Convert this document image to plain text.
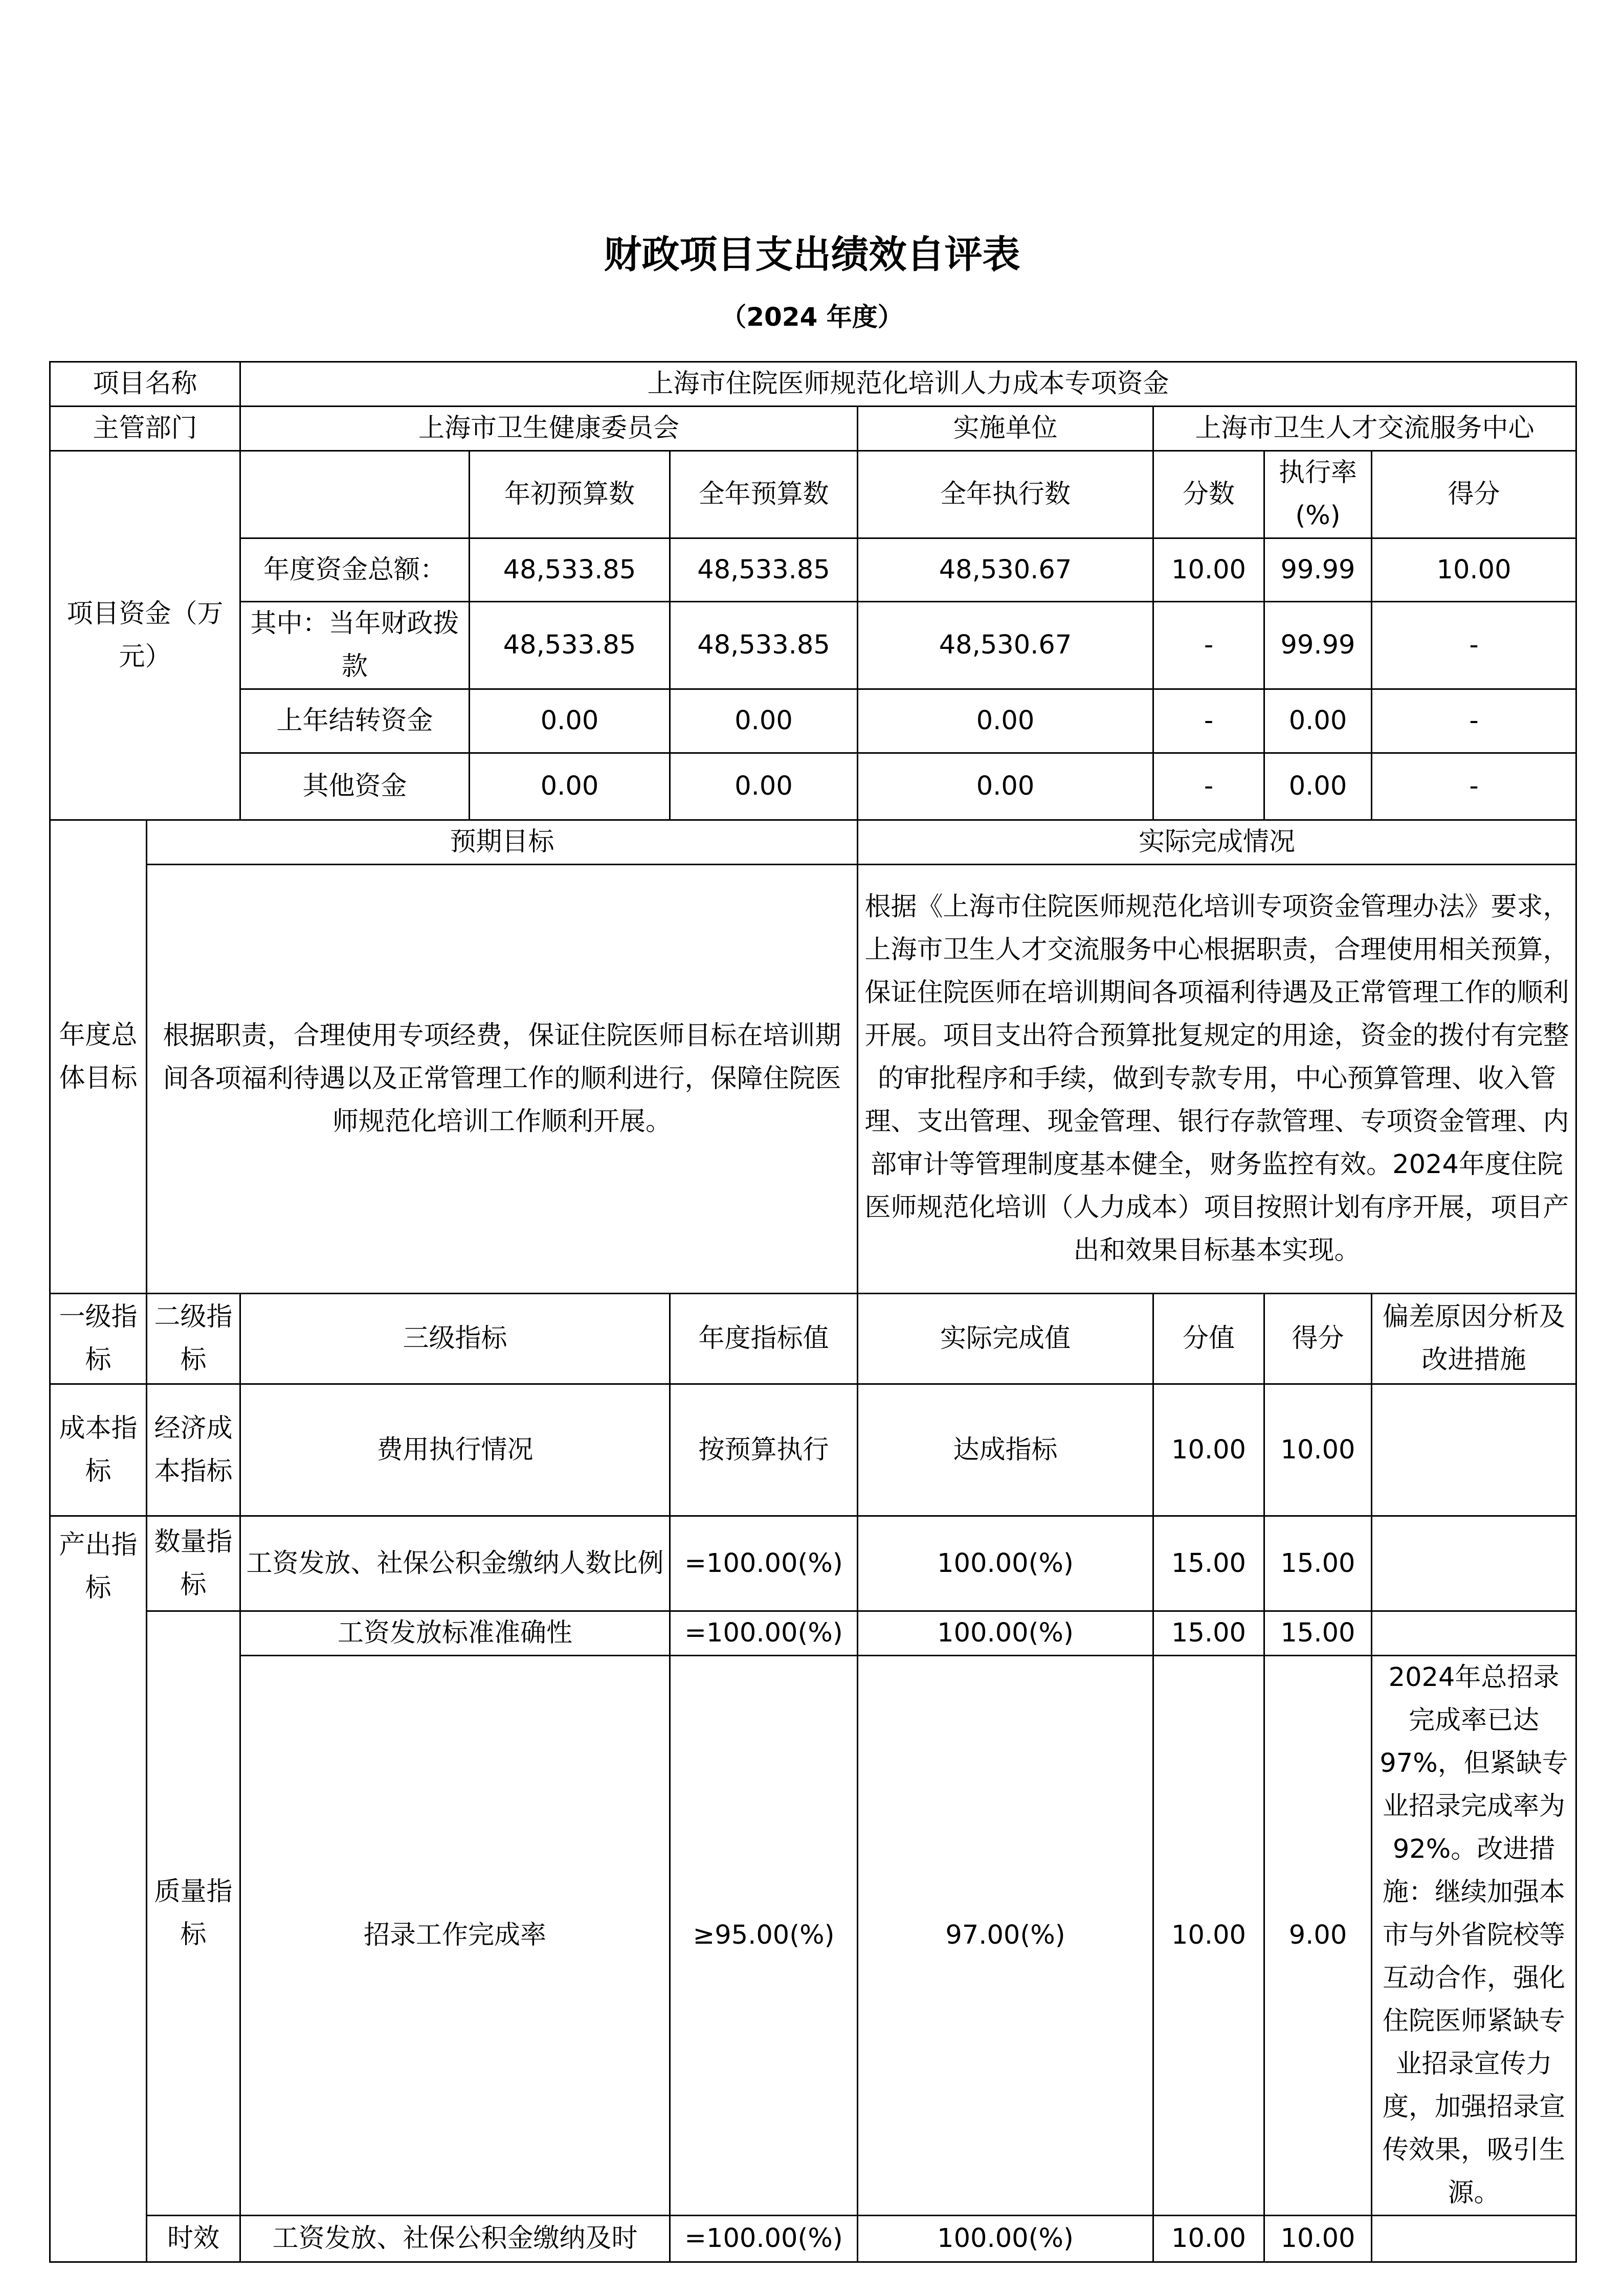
财政项目支出绩效自评表
（2024 年度）
项目名称		上海市住院医师规范化培训人力成本专项资金						
主管部门		上海市卫生健康委员会			实施单位	上海市卫生人才交流服务中心		
项目资金（万元）			年初预算数	全年预算数	全年执行数	分数	执行率(%)	得分
		年度资金总额：	48,533.85	48,533.85	48,530.67	10.00	99.99	10.00
		其中：当年财政拨款	48,533.85	48,533.85	48,530.67	-	99.99	-
		上年结转资金	0.00	0.00	0.00	-	0.00	-
		其他资金	0.00	0.00	0.00	-	0.00	-
年度总体目标	预期目标				实际完成情况			
	根据职责，合理使用专项经费，保证住院医师目标在培训期间各项福利待遇以及正常管理工作的顺利进行，保障住院医师规范化培训工作顺利开展。				根据《上海市住院医师规范化培训专项资金管理办法》要求，上海市卫生人才交流服务中心根据职责，合理使用相关预算，保证住院医师在培训期间各项福利待遇及正常管理工作的顺利开展。项目支出符合预算批复规定的用途，资金的拨付有完整的审批程序和手续，做到专款专用，中心预算管理、收入管理、支出管理、现金管理、银行存款管理、专项资金管理、内部审计等管理制度基本健全，财务监控有效。2024年度住院医师规范化培训（人力成本）项目按照计划有序开展，项目产出和效果目标基本实现。			
一级指标	二级指标	三级指标		年度指标值	实际完成值	分值	得分	偏差原因分析及改进措施
成本指标	经济成本指标	费用执行情况		按预算执行	达成指标	10.00	10.00	
产出指标	数量指标	工资发放、社保公积金缴纳人数比例		=100.00(%)	100.00(%)	15.00	15.00	
	质量指标	工资发放标准准确性		=100.00(%)	100.00(%)	15.00	15.00	
		招录工作完成率		≥95.00(%)	97.00(%)	10.00	9.00	2024年总招录完成率已达97%，但紧缺专业招录完成率为92%。改进措施：继续加强本市与外省院校等互动合作，强化住院医师紧缺专业招录宣传力度，加强招录宣传效果，吸引生源。
	时效	工资发放、社保公积金缴纳及时		=100.00(%)	100.00(%)	10.00	10.00	
